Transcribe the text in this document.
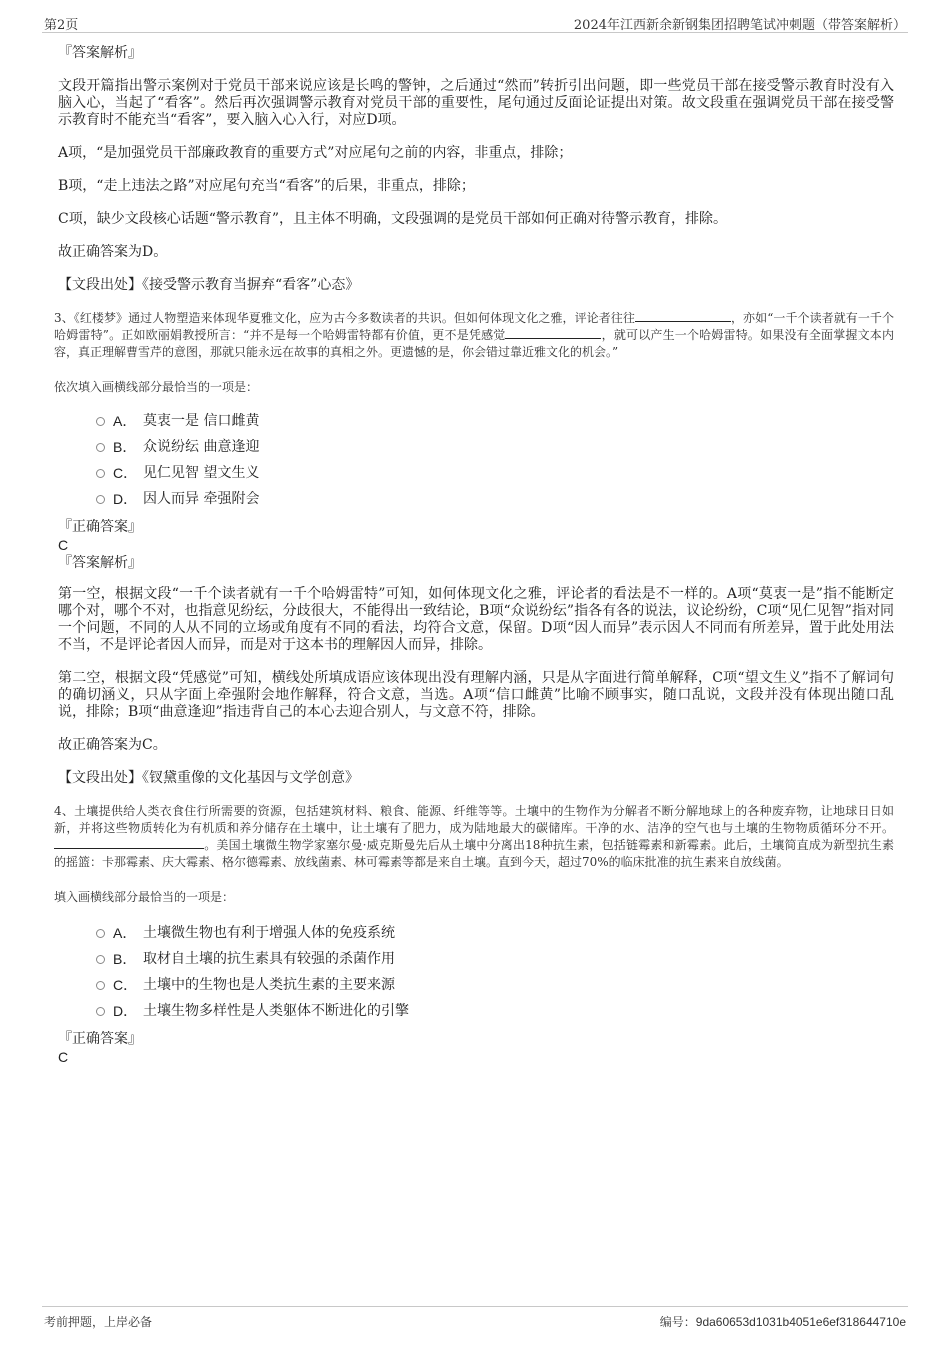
第2页	2024年江西新余新钢集团招聘笔试冲刺题（带答案解析）
『答案解析』

文段开篇指出警示案例对于党员干部来说应该是长鸣的警钟，之后通过“然而”转折引出问题，即一些党员干部在接受警示教育时没有入脑入心，当起了“看客”。然后再次强调警示教育对党员干部的重要性，尾句通过反面论证提出对策。故文段重在强调党员干部在接受警示教育时不能充当“看客”，要入脑入心入行，对应D项。

A项，“是加强党员干部廉政教育的重要方式”对应尾句之前的内容，非重点，排除；

B项，“走上违法之路”对应尾句充当“看客”的后果，非重点，排除；

C项，缺少文段核心话题“警示教育”，且主体不明确，文段强调的是党员干部如何正确对待警示教育，排除。

故正确答案为D。

【文段出处】《接受警示教育当摒弃“看客”心态》

3、《红楼梦》通过人物塑造来体现华夏雅文化，应为古今多数读者的共识。但如何体现文化之雅，评论者往往	，亦如“一千个读者就有一千个哈姆雷特”。正如欧丽娟教授所言：“并不是每一个哈姆雷特都有价值，更不是凭感觉	，就可以产生一个哈姆雷特。如果没有全面掌握文本内容，真正理解曹雪芹的意图，那就只能永远在故事的真相之外。更遗憾的是，你会错过靠近雅文化的机会。”

依次填入画横线部分最恰当的一项是：

A． 莫衷一是 信口雌黄
B． 众说纷纭 曲意逢迎
C． 见仁见智 望文生义
D． 因人而异 牵强附会
『正确答案』
C
『答案解析』

第一空，根据文段“一千个读者就有一千个哈姆雷特”可知，如何体现文化之雅，评论者的看法是不一样的。A项“莫衷一是”指不能断定哪个对，哪个不对，也指意见纷纭，分歧很大，不能得出一致结论，B项“众说纷纭”指各有各的说法，议论纷纷，C项“见仁见智”指对同一个问题，不同的人从不同的立场或角度有不同的看法，均符合文意，保留。D项“因人而异”表示因人不同而有所差异，置于此处用法不当，不是评论者因人而异，而是对于这本书的理解因人而异，排除。

第二空，根据文段“凭感觉”可知，横线处所填成语应该体现出没有理解内涵，只是从字面进行简单解释，C项“望文生义”指不了解词句的确切涵义，只从字面上牵强附会地作解释，符合文意，当选。A项“信口雌黄”比喻不顾事实，随口乱说，文段并没有体现出随口乱说，排除；B项“曲意逢迎”指违背自己的本心去迎合别人，与文意不符，排除。

故正确答案为C。

【文段出处】《钗黛重像的文化基因与文学创意》

4、土壤提供给人类衣食住行所需要的资源，包括建筑材料、粮食、能源、纤维等等。土壤中的生物作为分解者不断分解地球上的各种废弃物，让地球日日如新，并将这些物质转化为有机质和养分储存在土壤中，让土壤有了肥力，成为陆地最大的碳储库。干净的水、洁净的空气也与土壤的生物物质循环分不开。。美国土壤微生物学家塞尔曼·威克斯曼先后从土壤中分离出18种抗生素，包括链霉素和新霉素。此后，土壤简直成为新型抗生素的摇篮：卡那霉素、庆大霉素、格尔德霉素、放线菌素、林可霉素等都是来自土壤。直到今天，超过70%的临床批准的抗生素来自放线菌。

填入画横线部分最恰当的一项是：

A． 土壤微生物也有利于增强人体的免疫系统
B． 取材自土壤的抗生素具有较强的杀菌作用
C． 土壤中的生物也是人类抗生素的主要来源
D． 土壤生物多样性是人类躯体不断进化的引擎
『正确答案』
C
考前押题，上岸必备	编号：9da60653d1031b4051e6ef318644710e
